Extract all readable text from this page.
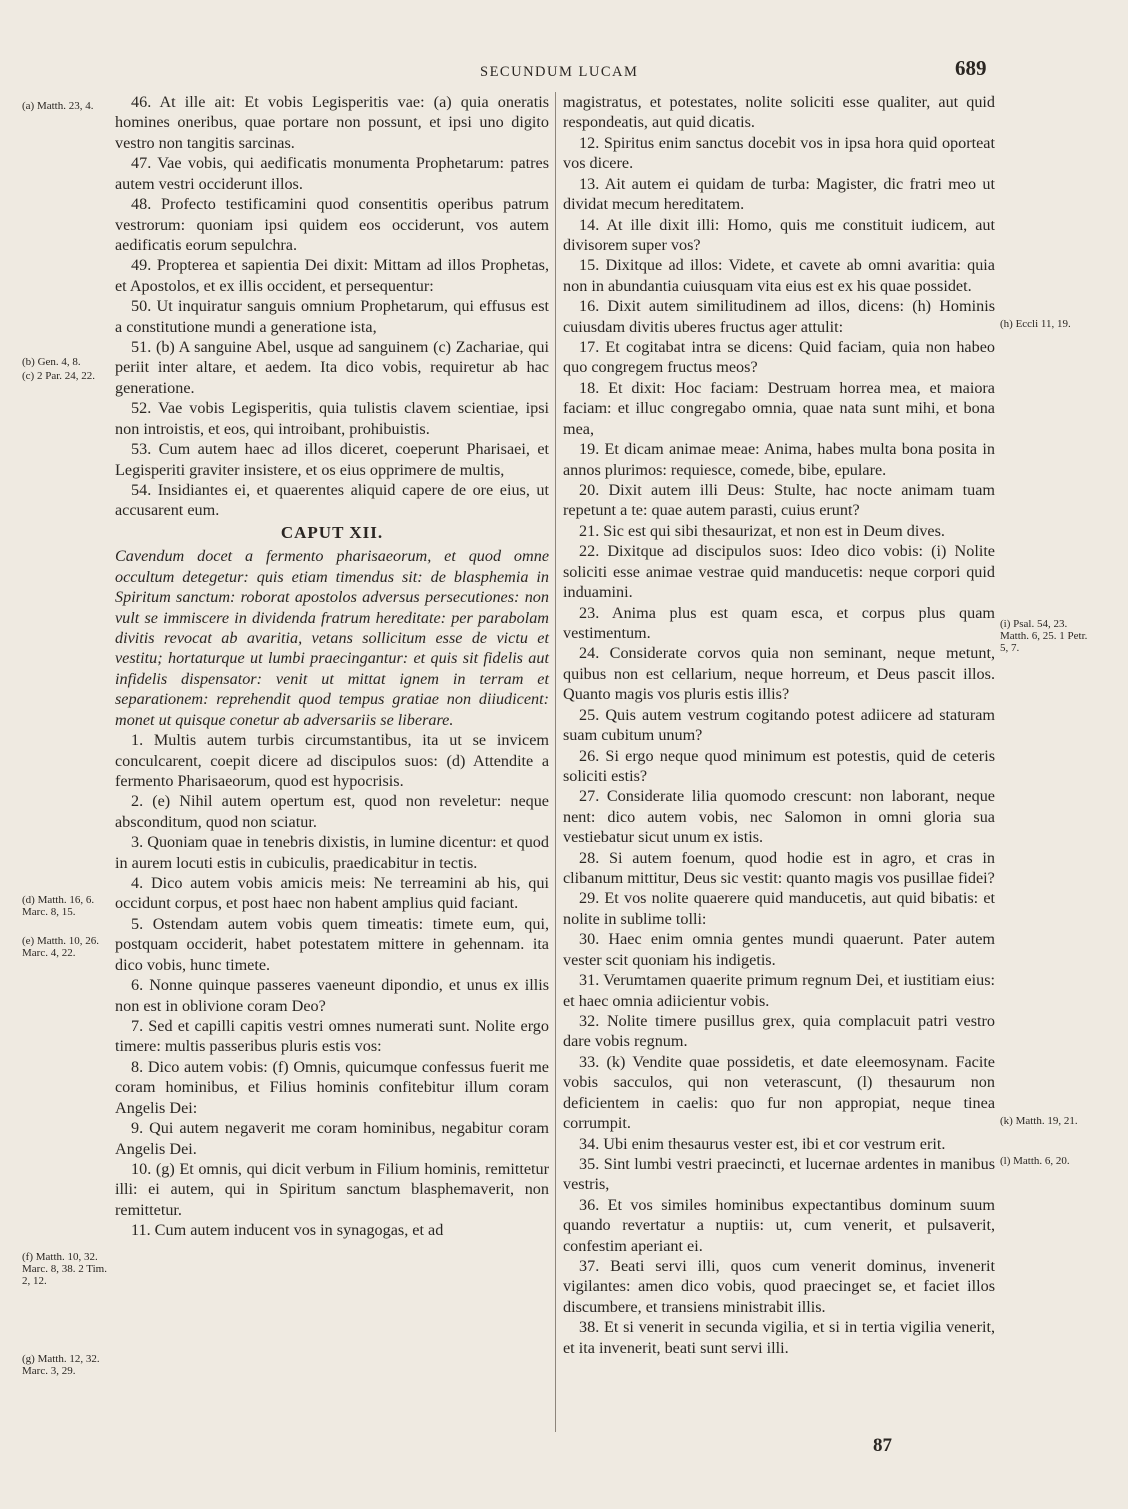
SECUNDUM LUCAM	689
(a) Matth. 23, 4.
(b) Gen. 4, 8.
(c) 2 Par. 24, 22.
(d) Matth. 16, 6. Marc. 8, 15.
(e) Matth. 10, 26. Marc. 4, 22.
(f) Matth. 10, 32. Marc. 8, 38. 2 Tim. 2, 12.
(g) Matth. 12, 32. Marc. 3, 29.
(h) Eccli 11, 19.
(i) Psal. 54, 23. Matth. 6, 25. 1 Petr. 5, 7.
(k) Matth. 19, 21.
(l) Matth. 6, 20.

46. At ille ait: Et vobis Legisperitis vae: (a) quia oneratis homines oneribus, quae portare non possunt, et ipsi uno digito vestro non tangitis sarcinas.

47. Vae vobis, qui aedificatis monumenta Prophetarum: patres autem vestri occiderunt illos.

48. Profecto testificamini quod consentitis operibus patrum vestrorum: quoniam ipsi quidem eos occiderunt, vos autem aedificatis eorum sepulchra.

49. Propterea et sapientia Dei dixit: Mittam ad illos Prophetas, et Apostolos, et ex illis occident, et persequentur:

50. Ut inquiratur sanguis omnium Prophetarum, qui effusus est a constitutione mundi a generatione ista,

51. (b) A sanguine Abel, usque ad sanguinem (c) Zachariae, qui periit inter altare, et aedem. Ita dico vobis, requiretur ab hac generatione.

52. Vae vobis Legisperitis, quia tulistis clavem scientiae, ipsi non introistis, et eos, qui introibant, prohibuistis.

53. Cum autem haec ad illos diceret, coeperunt Pharisaei, et Legisperiti graviter insistere, et os eius opprimere de multis,

54. Insidiantes ei, et quaerentes aliquid capere de ore eius, ut accusarent eum.

CAPUT XII.

Cavendum docet a fermento pharisaeorum, et quod omne occultum detegetur: quis etiam timendus sit: de blasphemia in Spiritum sanctum: roborat apostolos adversus persecutiones: non vult se immiscere in dividenda fratrum hereditate: per parabolam divitis revocat ab avaritia, vetans sollicitum esse de victu et vestitu; hortaturque ut lumbi praecingantur: et quis sit fidelis aut infidelis dispensator: venit ut mittat ignem in terram et separationem: reprehendit quod tempus gratiae non diiudicent: monet ut quisque conetur ab adversariis se liberare.

1. Multis autem turbis circumstantibus, ita ut se invicem conculcarent, coepit dicere ad discipulos suos: (d) Attendite a fermento Pharisaeorum, quod est hypocrisis.

2. (e) Nihil autem opertum est, quod non reveletur: neque absconditum, quod non sciatur.

3. Quoniam quae in tenebris dixistis, in lumine dicentur: et quod in aurem locuti estis in cubiculis, praedicabitur in tectis.

4. Dico autem vobis amicis meis: Ne terreamini ab his, qui occidunt corpus, et post haec non habent amplius quid faciant.

5. Ostendam autem vobis quem timeatis: timete eum, qui, postquam occiderit, habet potestatem mittere in gehennam. ita dico vobis, hunc timete.

6. Nonne quinque passeres vaeneunt dipondio, et unus ex illis non est in oblivione coram Deo?

7. Sed et capilli capitis vestri omnes numerati sunt. Nolite ergo timere: multis passeribus pluris estis vos:

8. Dico autem vobis: (f) Omnis, quicumque confessus fuerit me coram hominibus, et Filius hominis confitebitur illum coram Angelis Dei:

9. Qui autem negaverit me coram hominibus, negabitur coram Angelis Dei.

10. (g) Et omnis, qui dicit verbum in Filium hominis, remittetur illi: ei autem, qui in Spiritum sanctum blasphemaverit, non remittetur.

11. Cum autem inducent vos in synagogas, et ad

magistratus, et potestates, nolite soliciti esse qualiter, aut quid respondeatis, aut quid dicatis.

12. Spiritus enim sanctus docebit vos in ipsa hora quid oporteat vos dicere.

13. Ait autem ei quidam de turba: Magister, dic fratri meo ut dividat mecum hereditatem.

14. At ille dixit illi: Homo, quis me constituit iudicem, aut divisorem super vos?

15. Dixitque ad illos: Videte, et cavete ab omni avaritia: quia non in abundantia cuiusquam vita eius est ex his quae possidet.

16. Dixit autem similitudinem ad illos, dicens: (h) Hominis cuiusdam divitis uberes fructus ager attulit:

17. Et cogitabat intra se dicens: Quid faciam, quia non habeo quo congregem fructus meos?

18. Et dixit: Hoc faciam: Destruam horrea mea, et maiora faciam: et illuc congregabo omnia, quae nata sunt mihi, et bona mea,

19. Et dicam animae meae: Anima, habes multa bona posita in annos plurimos: requiesce, comede, bibe, epulare.

20. Dixit autem illi Deus: Stulte, hac nocte animam tuam repetunt a te: quae autem parasti, cuius erunt?

21. Sic est qui sibi thesaurizat, et non est in Deum dives.

22. Dixitque ad discipulos suos: Ideo dico vobis: (i) Nolite soliciti esse animae vestrae quid manducetis: neque corpori quid induamini.

23. Anima plus est quam esca, et corpus plus quam vestimentum.

24. Considerate corvos quia non seminant, neque metunt, quibus non est cellarium, neque horreum, et Deus pascit illos. Quanto magis vos pluris estis illis?

25. Quis autem vestrum cogitando potest adiicere ad staturam suam cubitum unum?

26. Si ergo neque quod minimum est potestis, quid de ceteris soliciti estis?

27. Considerate lilia quomodo crescunt: non laborant, neque nent: dico autem vobis, nec Salomon in omni gloria sua vestiebatur sicut unum ex istis.

28. Si autem foenum, quod hodie est in agro, et cras in clibanum mittitur, Deus sic vestit: quanto magis vos pusillae fidei?

29. Et vos nolite quaerere quid manducetis, aut quid bibatis: et nolite in sublime tolli:

30. Haec enim omnia gentes mundi quaerunt. Pater autem vester scit quoniam his indigetis.

31. Verumtamen quaerite primum regnum Dei, et iustitiam eius: et haec omnia adiicientur vobis.

32. Nolite timere pusillus grex, quia complacuit patri vestro dare vobis regnum.

33. (k) Vendite quae possidetis, et date eleemosynam. Facite vobis sacculos, qui non veterascunt, (l) thesaurum non deficientem in caelis: quo fur non appropiat, neque tinea corrumpit.

34. Ubi enim thesaurus vester est, ibi et cor vestrum erit.

35. Sint lumbi vestri praecincti, et lucernae ardentes in manibus vestris,

36. Et vos similes hominibus expectantibus dominum suum quando revertatur a nuptiis: ut, cum venerit, et pulsaverit, confestim aperiant ei.

37. Beati servi illi, quos cum venerit dominus, invenerit vigilantes: amen dico vobis, quod praecinget se, et faciet illos discumbere, et transiens ministrabit illis.

38. Et si venerit in secunda vigilia, et si in tertia vigilia venerit, et ita invenerit, beati sunt servi illi.

87
